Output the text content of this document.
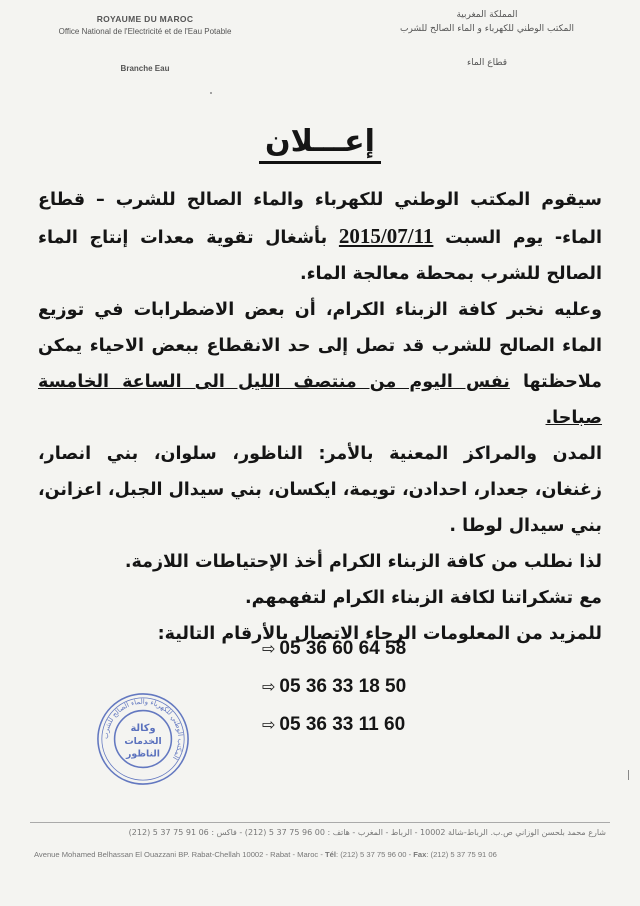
ROYAUME DU MAROC
Office National de l'Electricité et de l'Eau Potable
Branche Eau
المملكة المغربية
المكتب الوطني للكهرباء و الماء الصالح للشرب
قطاع الماء
إعـــلان

سيقوم المكتب الوطني للكهرباء والماء الصالح للشرب – قطاع الماء- يوم السبت 2015/07/11 بأشغال تقوية معدات إنتاج الماء الصالح للشرب بمحطة معالجة الماء.

وعليه نخبر كافة الزبناء الكرام، أن بعض الاضطرابات في توزيع الماء الصالح للشرب قد تصل إلى حد الانقطاع ببعض الاحياء يمكن ملاحظتها نفس اليوم من منتصف الليل الى الساعة الخامسة صباحا.

المدن والمراكز المعنية بالأمر: الناظور، سلوان، بني انصار، زغنغان، جعدار، احدادن، تويمة، ايكسان، بني سيدال الجبل، اعزانن، بني سيدال لوطا .

لذا نطلب من كافة الزبناء الكرام أخذ الإحتياطات اللازمة.

مع تشكراتنا لكافة الزبناء الكرام لتفهمهم.

للمزيد من المعلومات الرجاء الاتصال بالأرقام التالية:

⇨ 05 36 60 64 58
⇨ 05 36 33 18 50
⇨ 05 36 33 11 60
المكتب الوطني للكهرباء والماء الصالح للشرب
وكالة
الخدمات
الناظور
شارع محمد بلحسن الوزاني ص.ب. الرباط-شالة 10002 - الرباط - المغرب - هاتف : 00 96 75 37 5 (212) - فاكس : 06 91 75 37 5 (212)
Avenue Mohamed Belhassan El Ouazzani BP. Rabat-Chellah 10002 - Rabat - Maroc - Tél: (212) 5 37 75 96 00 - Fax: (212) 5 37 75 91 06
